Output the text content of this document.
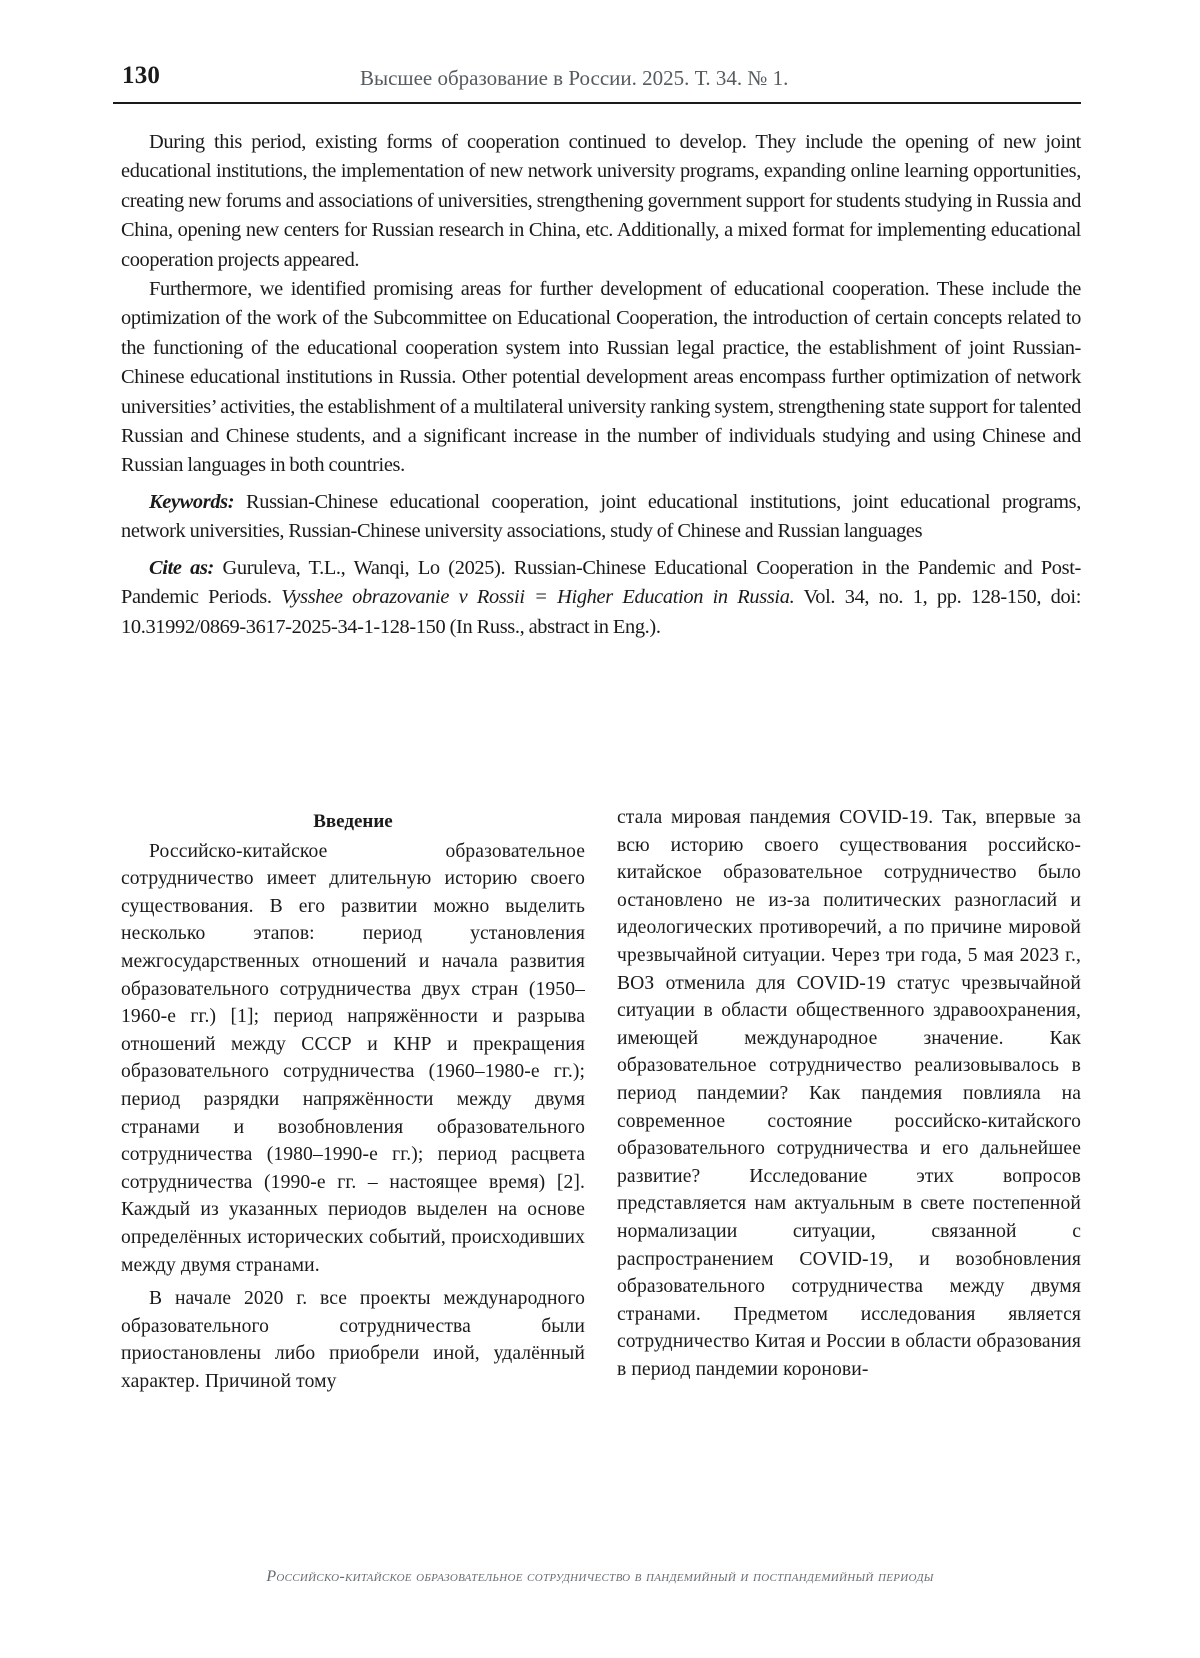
130	Высшее образование в России. 2025. Т. 34. № 1.

During this period, existing forms of cooperation continued to develop. They include the opening of new joint educational institutions, the implementation of new network university programs, expanding online learning opportunities, creating new forums and associations of universities, strengthening government support for students studying in Russia and China, opening new centers for Russian research in China, etc. Additionally, a mixed format for implementing educational cooperation projects appeared.

Furthermore, we identified promising areas for further development of educational cooperation. These include the optimization of the work of the Subcommittee on Educational Cooperation, the introduction of certain concepts related to the functioning of the educational cooperation system into Russian legal practice, the establishment of joint Russian-Chinese educational institutions in Russia. Other potential development areas encompass further optimization of network universities’ activities, the establishment of a multilateral university ranking system, strengthening state support for talented Russian and Chinese students, and a significant increase in the number of individuals studying and using Chinese and Russian languages in both countries.

Keywords: Russian-Chinese educational cooperation, joint educational institutions, joint educational programs, network universities, Russian-Chinese university associations, study of Chinese and Russian languages

Cite as: Guruleva, T.L., Wanqi, Lo (2025). Russian-Chinese Educational Cooperation in the Pandemic and Post-Pandemic Periods. Vysshee obrazovanie v Rossii = Higher Education in Russia. Vol. 34, no. 1, pp. 128-150, doi: 10.31992/0869-3617-2025-34-1-128-150 (In Russ., abstract in Eng.).

Введение

Российско-китайское образовательное сотрудничество имеет длительную историю своего существования. В его развитии можно выделить несколько этапов: период установления межгосударственных отношений и начала развития образовательного сотрудничества двух стран (1950–1960-е гг.) [1]; период напряжённости и разрыва отношений между СССР и КНР и прекращения образовательного сотрудничества (1960–1980-е гг.); период разрядки напряжённости между двумя странами и возобновления образовательного сотрудничества (1980–1990-е гг.); период расцвета сотрудничества (1990-е гг. – настоящее время) [2]. Каждый из указанных периодов выделен на основе определённых исторических событий, происходивших между двумя странами.

В начале 2020 г. все проекты международного образовательного сотрудничества были приостановлены либо приобрели иной, удалённый характер. Причиной тому

стала мировая пандемия COVID-19. Так, впервые за всю историю своего существования российско-китайское образовательное сотрудничество было остановлено не из-за политических разногласий и идеологических противоречий, а по причине мировой чрезвычайной ситуации. Через три года, 5 мая 2023 г., ВОЗ отменила для COVID-19 статус чрезвычайной ситуации в области общественного здравоохранения, имеющей международное значение. Как образовательное сотрудничество реализовывалось в период пандемии? Как пандемия повлияла на современное состояние российско-китайского образовательного сотрудничества и его дальнейшее развитие? Исследование этих вопросов представляется нам актуальным в свете постепенной нормализации ситуации, связанной с распространением COVID-19, и возобновления образовательного сотрудничества между двумя странами. Предметом исследования является сотрудничество Китая и России в области образования в период пандемии коронови-

Российско-китайское образовательное сотрудничество в пандемийный и постпандемийный периоды
